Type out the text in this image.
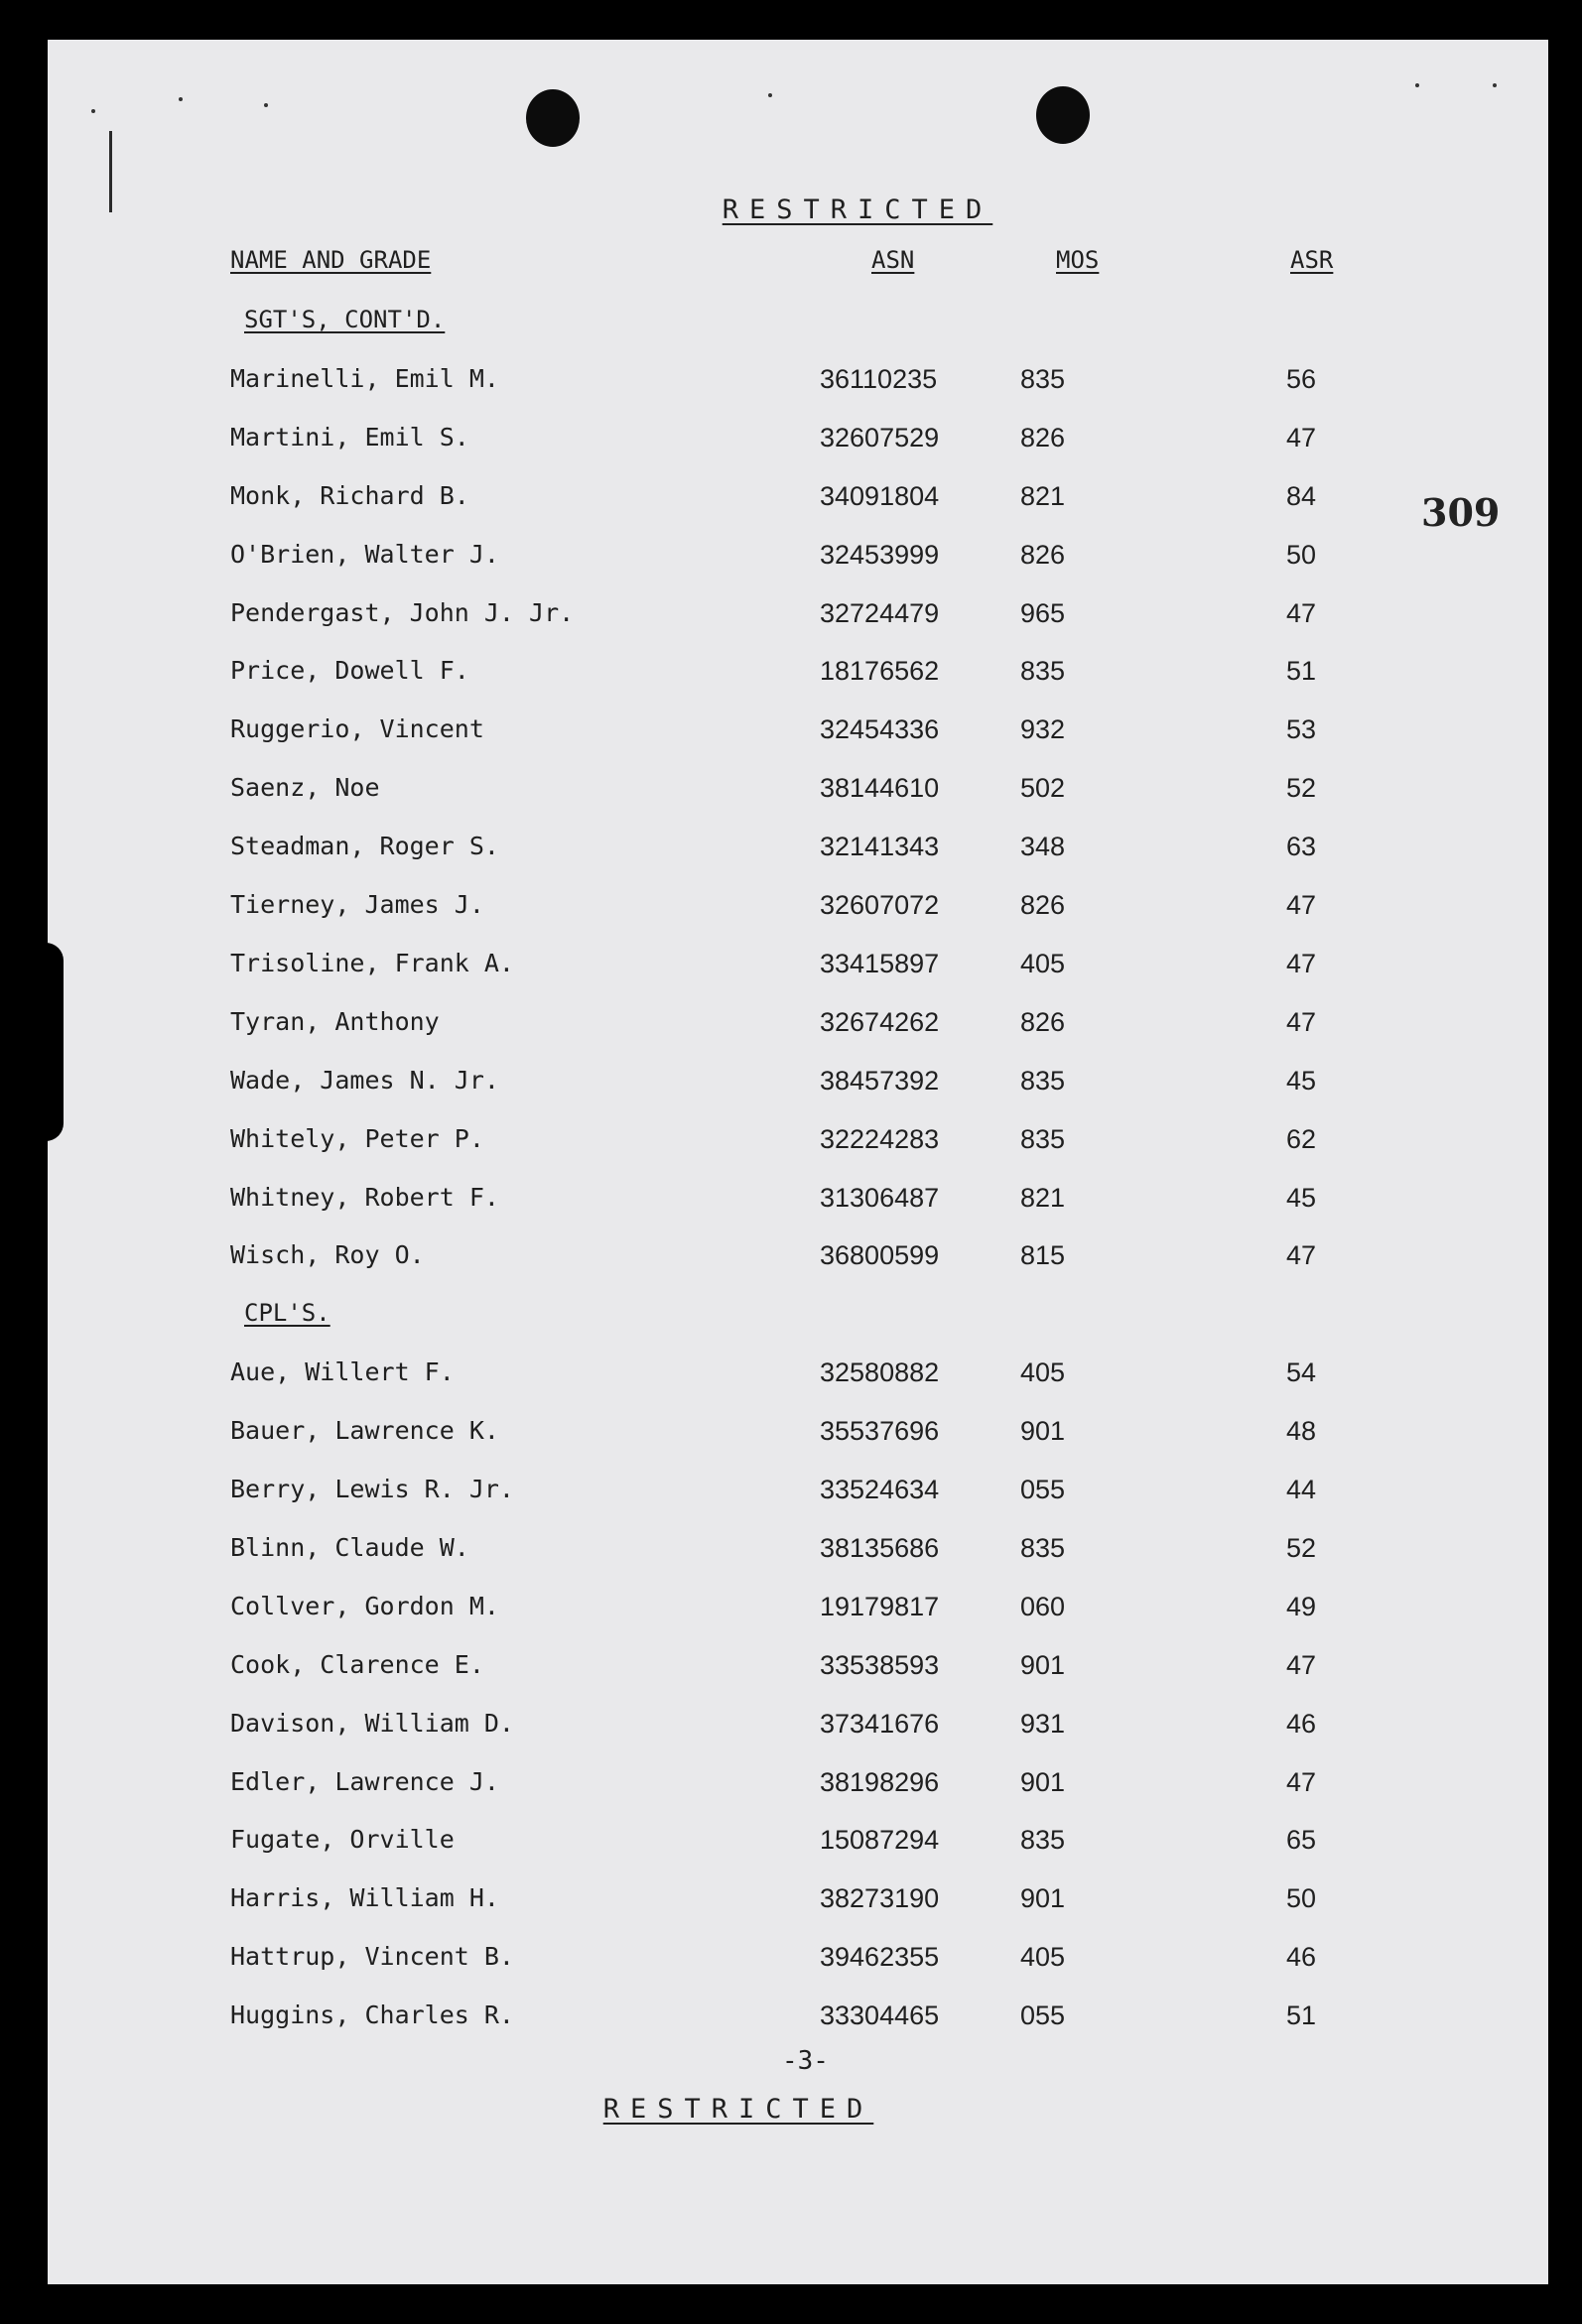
RESTRICTED
NAME AND GRADE	ASN	MOS	ASR
309
SGT'S, CONT'D.
Marinelli, Emil M.	36110235	835	56
Martini, Emil S.	32607529	826	47
Monk, Richard B.	34091804	821	84
O'Brien, Walter J.	32453999	826	50
Pendergast, John J. Jr.	32724479	965	47
Price, Dowell F.	18176562	835	51
Ruggerio, Vincent	32454336	932	53
Saenz, Noe	38144610	502	52
Steadman, Roger S.	32141343	348	63
Tierney, James J.	32607072	826	47
Trisoline, Frank A.	33415897	405	47
Tyran, Anthony	32674262	826	47
Wade, James N. Jr.	38457392	835	45
Whitely, Peter P.	32224283	835	62
Whitney, Robert F.	31306487	821	45
Wisch, Roy O.	36800599	815	47
CPL'S.
Aue, Willert F.	32580882	405	54
Bauer, Lawrence K.	35537696	901	48
Berry, Lewis R. Jr.	33524634	055	44
Blinn, Claude W.	38135686	835	52
Collver, Gordon M.	19179817	060	49
Cook, Clarence E.	33538593	901	47
Davison, William D.	37341676	931	46
Edler, Lawrence J.	38198296	901	47
Fugate, Orville	15087294	835	65
Harris, William H.	38273190	901	50
Hattrup, Vincent B.	39462355	405	46
Huggins, Charles R.	33304465	055	51
-3-
RESTRICTED
